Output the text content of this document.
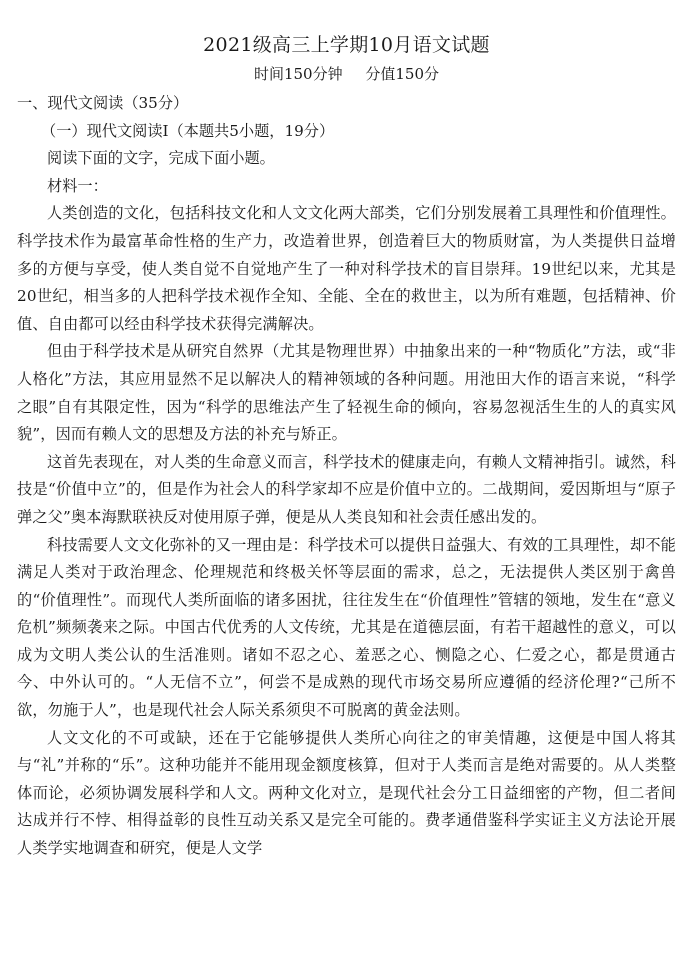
2021级高三上学期10月语文试题
时间150分钟 分值150分
一、现代文阅读（35分）
（一）现代文阅读I（本题共5小题，19分）
阅读下面的文字，完成下面小题。
材料一：

人类创造的文化，包括科技文化和人文文化两大部类，它们分别发展着工具理性和价值理性。科学技术作为最富革命性格的生产力，改造着世界，创造着巨大的物质财富，为人类提供日益增多的方便与享受，使人类自觉不自觉地产生了一种对科学技术的盲目崇拜。19世纪以来，尤其是20世纪，相当多的人把科学技术视作全知、全能、全在的救世主，以为所有难题，包括精神、价值、自由都可以经由科学技术获得完满解决。

但由于科学技术是从研究自然界（尤其是物理世界）中抽象出来的一种“物质化”方法，或“非人格化”方法，其应用显然不足以解决人的精神领域的各种问题。用池田大作的语言来说，“科学之眼”自有其限定性，因为“科学的思维法产生了轻视生命的倾向，容易忽视活生生的人的真实风貌”，因而有赖人文的思想及方法的补充与矫正。

这首先表现在，对人类的生命意义而言，科学技术的健康走向，有赖人文精神指引。诚然，科技是“价值中立”的，但是作为社会人的科学家却不应是价值中立的。二战期间，爱因斯坦与“原子弹之父”奥本海默联袂反对使用原子弹，便是从人类良知和社会责任感出发的。

科技需要人文文化弥补的又一理由是：科学技术可以提供日益强大、有效的工具理性，却不能满足人类对于政治理念、伦理规范和终极关怀等层面的需求，总之，无法提供人类区别于禽兽的“价值理性”。而现代人类所面临的诸多困扰，往往发生在“价值理性”管辖的领地，发生在“意义危机”频频袭来之际。中国古代优秀的人文传统，尤其是在道德层面，有若干超越性的意义，可以成为文明人类公认的生活准则。诸如不忍之心、羞恶之心、恻隐之心、仁爱之心，都是贯通古今、中外认可的。“人无信不立”，何尝不是成熟的现代市场交易所应遵循的经济伦理?“己所不欲，勿施于人”，也是现代社会人际关系须臾不可脱离的黄金法则。

人文文化的不可或缺，还在于它能够提供人类所心向往之的审美情趣，这便是中国人将其与“礼”并称的“乐”。这种功能并不能用现金额度核算，但对于人类而言是绝对需要的。从人类整体而论，必须协调发展科学和人文。两种文化对立，是现代社会分工日益细密的产物，但二者间达成并行不悖、相得益彰的良性互动关系又是完全可能的。费孝通借鉴科学实证主义方法论开展人类学实地调查和研究，便是人文学
